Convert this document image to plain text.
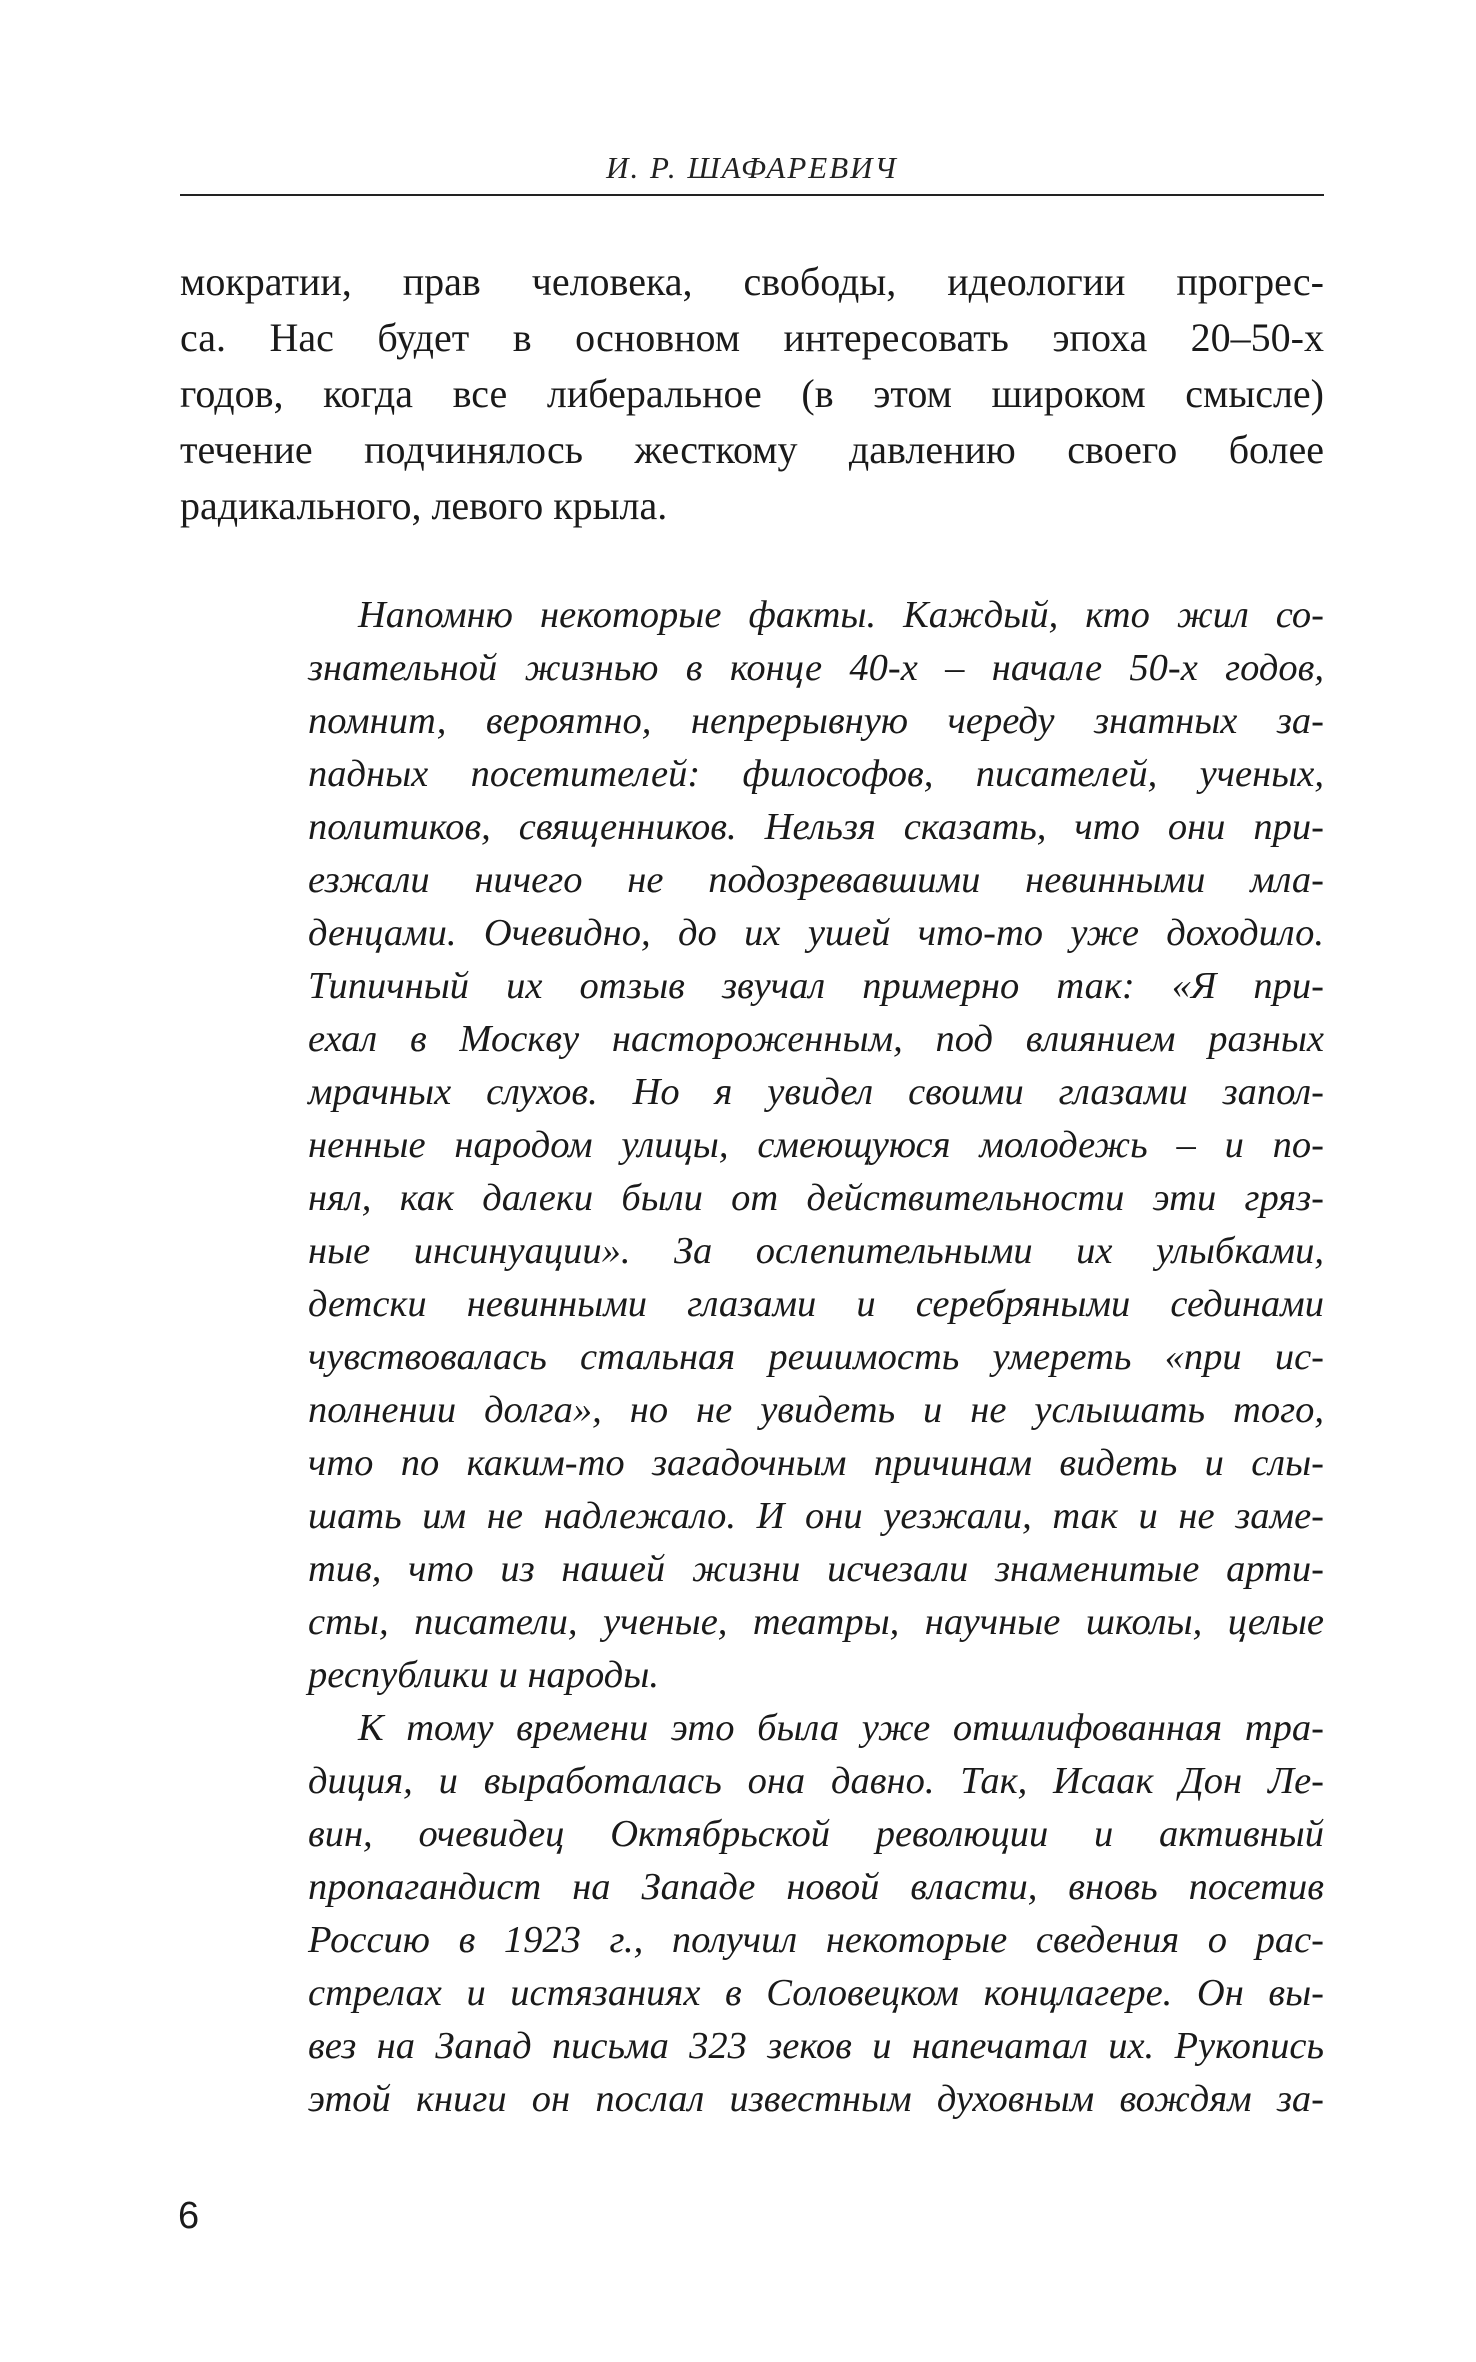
И. Р. ШАФАРЕВИЧ
мократии, прав человека, свободы, идеологии прогрес-
са. Нас будет в основном интересовать эпоха 20–50-х
годов, когда все либеральное (в этом широком смысле)
течение подчинялось жесткому давлению своего более
радикального, левого крыла.
Напомню некоторые факты. Каждый, кто жил со-
знательной жизнью в конце 40-х – начале 50-х годов,
помнит, вероятно, непрерывную череду знатных за-
падных посетителей: философов, писателей, ученых,
политиков, священников. Нельзя сказать, что они при-
езжали ничего не подозревавшими невинными мла-
денцами. Очевидно, до их ушей что-то уже доходило.
Типичный их отзыв звучал примерно так: «Я при-
ехал в Москву настороженным, под влиянием разных
мрачных слухов. Но я увидел своими глазами запол-
ненные народом улицы, смеющуюся молодежь – и по-
нял, как далеки были от действительности эти гряз-
ные инсинуации». За ослепительными их улыбками,
детски невинными глазами и серебряными сединами
чувствовалась стальная решимость умереть «при ис-
полнении долга», но не увидеть и не услышать того,
что по каким-то загадочным причинам видеть и слы-
шать им не надлежало. И они уезжали, так и не заме-
тив, что из нашей жизни исчезали знаменитые арти-
сты, писатели, ученые, театры, научные школы, целые
республики и народы.
К тому времени это была уже отшлифованная тра-
диция, и выработалась она давно. Так, Исаак Дон Ле-
вин, очевидец Октябрьской революции и активный
пропагандист на Западе новой власти, вновь посетив
Россию в 1923 г., получил некоторые сведения о рас-
стрелах и истязаниях в Соловецком концлагере. Он вы-
вез на Запад письма 323 зеков и напечатал их. Рукопись
этой книги он послал известным духовным вождям за-
6
